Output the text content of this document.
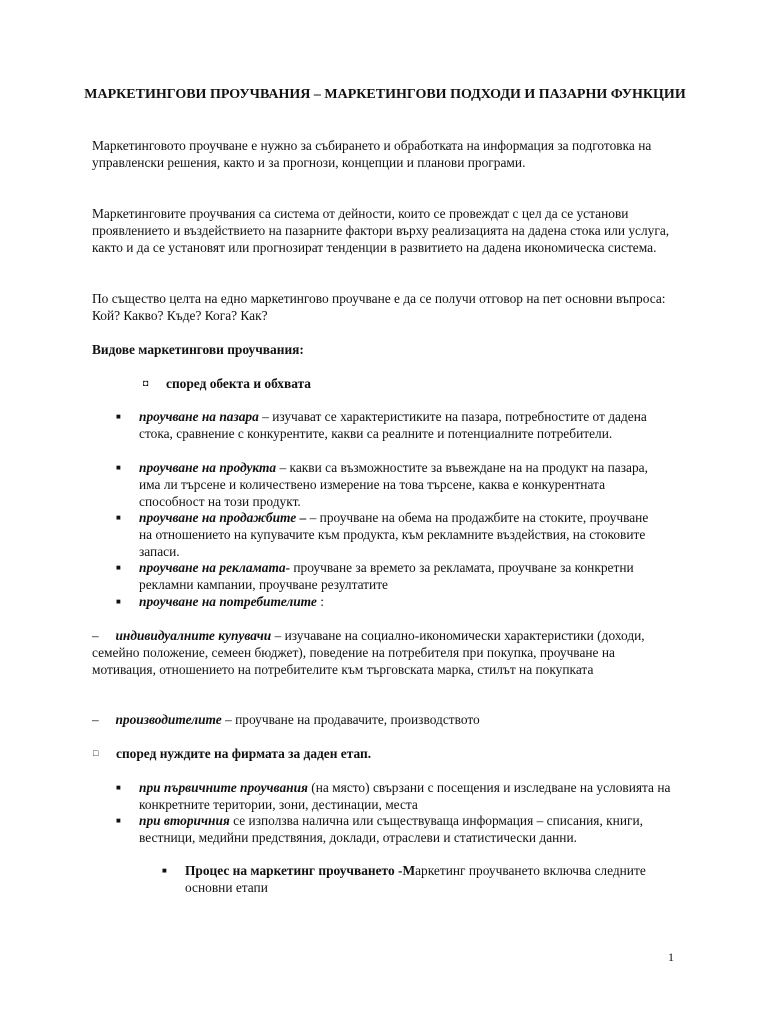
МАРКЕТИНГОВИ ПРОУЧВАНИЯ – МАРКЕТИНГОВИ ПОДХОДИ И ПАЗАРНИ ФУНКЦИИ
Маркетинговото проучване е нужно за събирането и обработката на информация за подготовка на управленски решения, както и за прогнози, концепции и планови програми.
Маркетинговите проучвания са система от дейности, които се провеждат с цел да се установи проявлението и въздействието на пазарните фактори върху реализацията на дадена стока или услуга, както и да се установят или прогнозират тенденции в развитието на дадена икономическа система.
По същество целта на едно маркетингово проучване е да се получи отговор на пет основни въпроса: Кой? Какво? Къде? Кога? Как?
Видове маркетингови проучвания:
◘ според обекта и обхвата
■ проучване на пазара – изучават се характеристиките на пазара, потребностите от дадена стока, сравнение с конкурентите, какви са реалните и потенциалните потребители.
■ проучване на продукта – какви са възможностите за въвеждане на на продукт на пазара, има ли търсене и количествено измерение на това търсене, каква е конкурентната способност на този продукт.
■ проучване на продажбите – – проучване на обема на продажбите на стоките, проучване на отношението на купувачите към продукта, към рекламните въздействия, на стоковите запаси.
■ проучване на рекламата- проучване за времето за рекламата, проучване за конкретни рекламни кампании, проучване резултатите
■ проучване на потребителите :
–     индивидуалните купувачи – изучаване на социално-икономически характеристики (доходи, семейно положение, семеен бюджет), поведение на потребителя при покупка, проучване на мотивация, отношението на потребителите към търговската марка, стилът на покупката
–     производителите – проучване на продавачите, производството
□ според нуждите на фирмата за даден етап.
■ при първичните проучвания (на място) свързани с посещения и изследване на условията на конкретните територии, зони, дестинации, места
■ при вторичния се използва налична или съществуваща информация – списания, книги, вестници, медийни предствяния, доклади, отраслеви и статистически данни.
■ Процес на маркетинг проучването -Маркетинг проучването включва следните основни етапи
1
